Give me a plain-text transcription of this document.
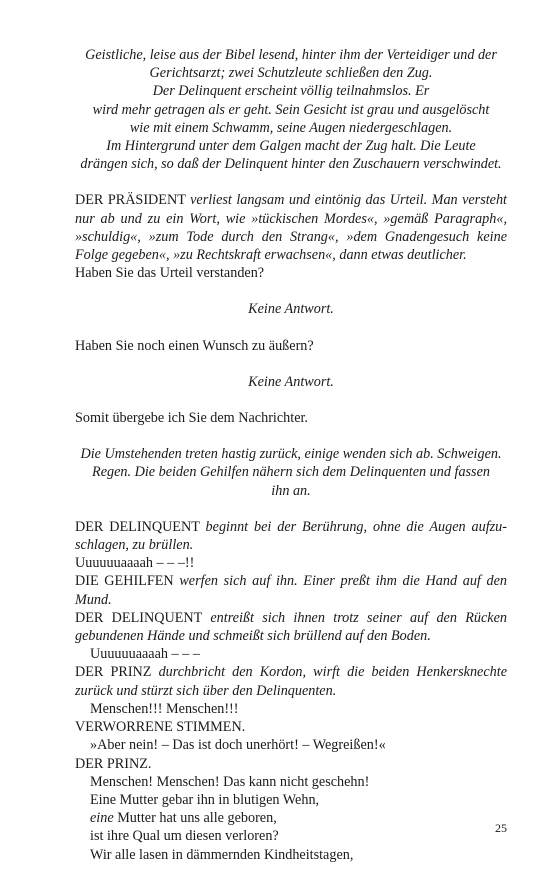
Geistliche, leise aus der Bibel lesend, hinter ihm der Verteidiger und der

Gerichtsarzt; zwei Schutzleute schließen den Zug.

Der Delinquent erscheint völlig teilnahmslos. Er

wird mehr getragen als er geht. Sein Gesicht ist grau und ausgelöscht

wie mit einem Schwamm, seine Augen niedergeschlagen.

Im Hintergrund unter dem Galgen macht der Zug halt. Die Leute

drängen sich, so daß der Delinquent hinter den Zuschauern verschwindet.

DER PRÄSIDENT verliest langsam und eintönig das Urteil. Man versteht nur ab und zu ein Wort, wie »tückischen Mordes«, »gemäß Paragraph«, »schuldig«, »zum Tode durch den Strang«, »dem Gnadengesuch keine Folge gegeben«, »zu Rechtskraft erwachsen«, dann etwas deutlicher.

Haben Sie das Urteil verstanden?

Keine Antwort.

Haben Sie noch einen Wunsch zu äußern?

Keine Antwort.

Somit übergebe ich Sie dem Nachrichter.

Die Umstehenden treten hastig zurück, einige wenden sich ab. Schweigen.

Regen. Die beiden Gehilfen nähern sich dem Delinquenten und fassen

ihn an.

DER DELINQUENT beginnt bei der Berührung, ohne die Augen aufzu-schlagen, zu brüllen.

Uuuuuuaaaah – – –!!

DIE GEHILFEN werfen sich auf ihn. Einer preßt ihm die Hand auf den Mund.

DER DELINQUENT entreißt sich ihnen trotz seiner auf den Rücken gebundenen Hände und schmeißt sich brüllend auf den Boden.

Uuuuuuaaaah – – –

DER PRINZ durchbricht den Kordon, wirft die beiden Henkersknechte zurück und stürzt sich über den Delinquenten.

Menschen!!! Menschen!!!

VERWORRENE STIMMEN.

»Aber nein! – Das ist doch unerhört! – Wegreißen!«

DER PRINZ.

Menschen! Menschen! Das kann nicht geschehn!

Eine Mutter gebar ihn in blutigen Wehn,

eine Mutter hat uns alle geboren,

ist ihre Qual um diesen verloren?

Wir alle lasen in dämmernden Kindheitstagen,

25
